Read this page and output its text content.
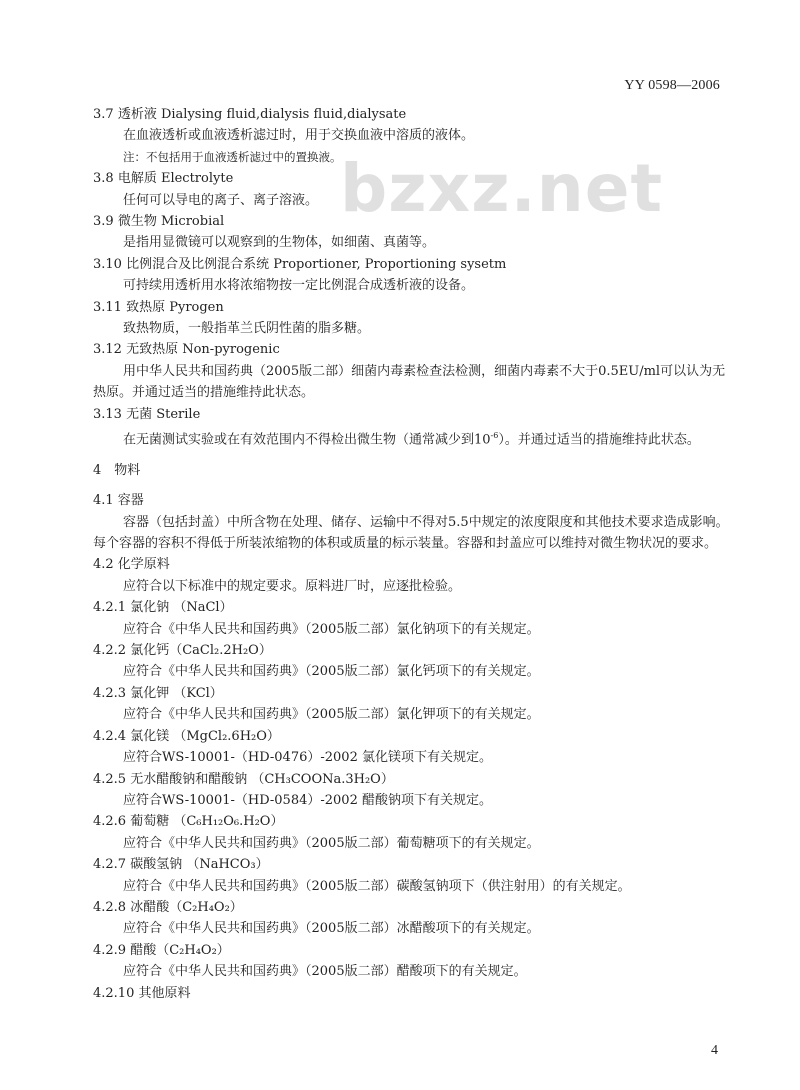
YY 0598—2006
bzxz.net
3.7 透析液 Dialysing fluid,dialysis fluid,dialysate
在血液透析或血液透析滤过时，用于交换血液中溶质的液体。
注：不包括用于血液透析滤过中的置换液。
3.8 电解质 Electrolyte
任何可以导电的离子、离子溶液。
3.9 微生物 Microbial
是指用显微镜可以观察到的生物体，如细菌、真菌等。
3.10 比例混合及比例混合系统 Proportioner, Proportioning sysetm
可持续用透析用水将浓缩物按一定比例混合成透析液的设备。
3.11 致热原 Pyrogen
致热物质，一般指革兰氏阴性菌的脂多糖。
3.12 无致热原 Non-pyrogenic
用中华人民共和国药典（2005版二部）细菌内毒素检查法检测，细菌内毒素不大于0.5EU/ml可以认为无热原。并通过适当的措施维持此状态。
3.13 无菌 Sterile
在无菌测试实验或在有效范围内不得检出微生物（通常减少到$10^{-6}$）。并通过适当的措施维持此状态。
4　物料
4.1 容器
容器（包括封盖）中所含物在处理、储存、运输中不得对5.5中规定的浓度限度和其他技术要求造成影响。每个容器的容积不得低于所装浓缩物的体积或质量的标示装量。容器和封盖应可以维持对微生物状况的要求。
4.2 化学原料
应符合以下标准中的规定要求。原料进厂时，应逐批检验。
4.2.1 氯化钠 （NaCl）
应符合《中华人民共和国药典》（2005版二部）氯化钠项下的有关规定。
4.2.2 氯化钙（CaCl₂.2H₂O）
应符合《中华人民共和国药典》（2005版二部）氯化钙项下的有关规定。
4.2.3 氯化钾 （KCl）
应符合《中华人民共和国药典》（2005版二部）氯化钾项下的有关规定。
4.2.4 氯化镁 （MgCl₂.6H₂O）
应符合WS-10001-（HD-0476）-2002 氯化镁项下有关规定。
4.2.5 无水醋酸钠和醋酸钠 （CH₃COONa.3H₂O）
应符合WS-10001-（HD-0584）-2002 醋酸钠项下有关规定。
4.2.6 葡萄糖 （C₆H₁₂O₆.H₂O）
应符合《中华人民共和国药典》（2005版二部）葡萄糖项下的有关规定。
4.2.7 碳酸氢钠 （NaHCO₃）
应符合《中华人民共和国药典》（2005版二部）碳酸氢钠项下（供注射用）的有关规定。
4.2.8 冰醋酸（C₂H₄O₂）
应符合《中华人民共和国药典》（2005版二部）冰醋酸项下的有关规定。
4.2.9 醋酸（C₂H₄O₂）
应符合《中华人民共和国药典》（2005版二部）醋酸项下的有关规定。
4.2.10 其他原料
4
